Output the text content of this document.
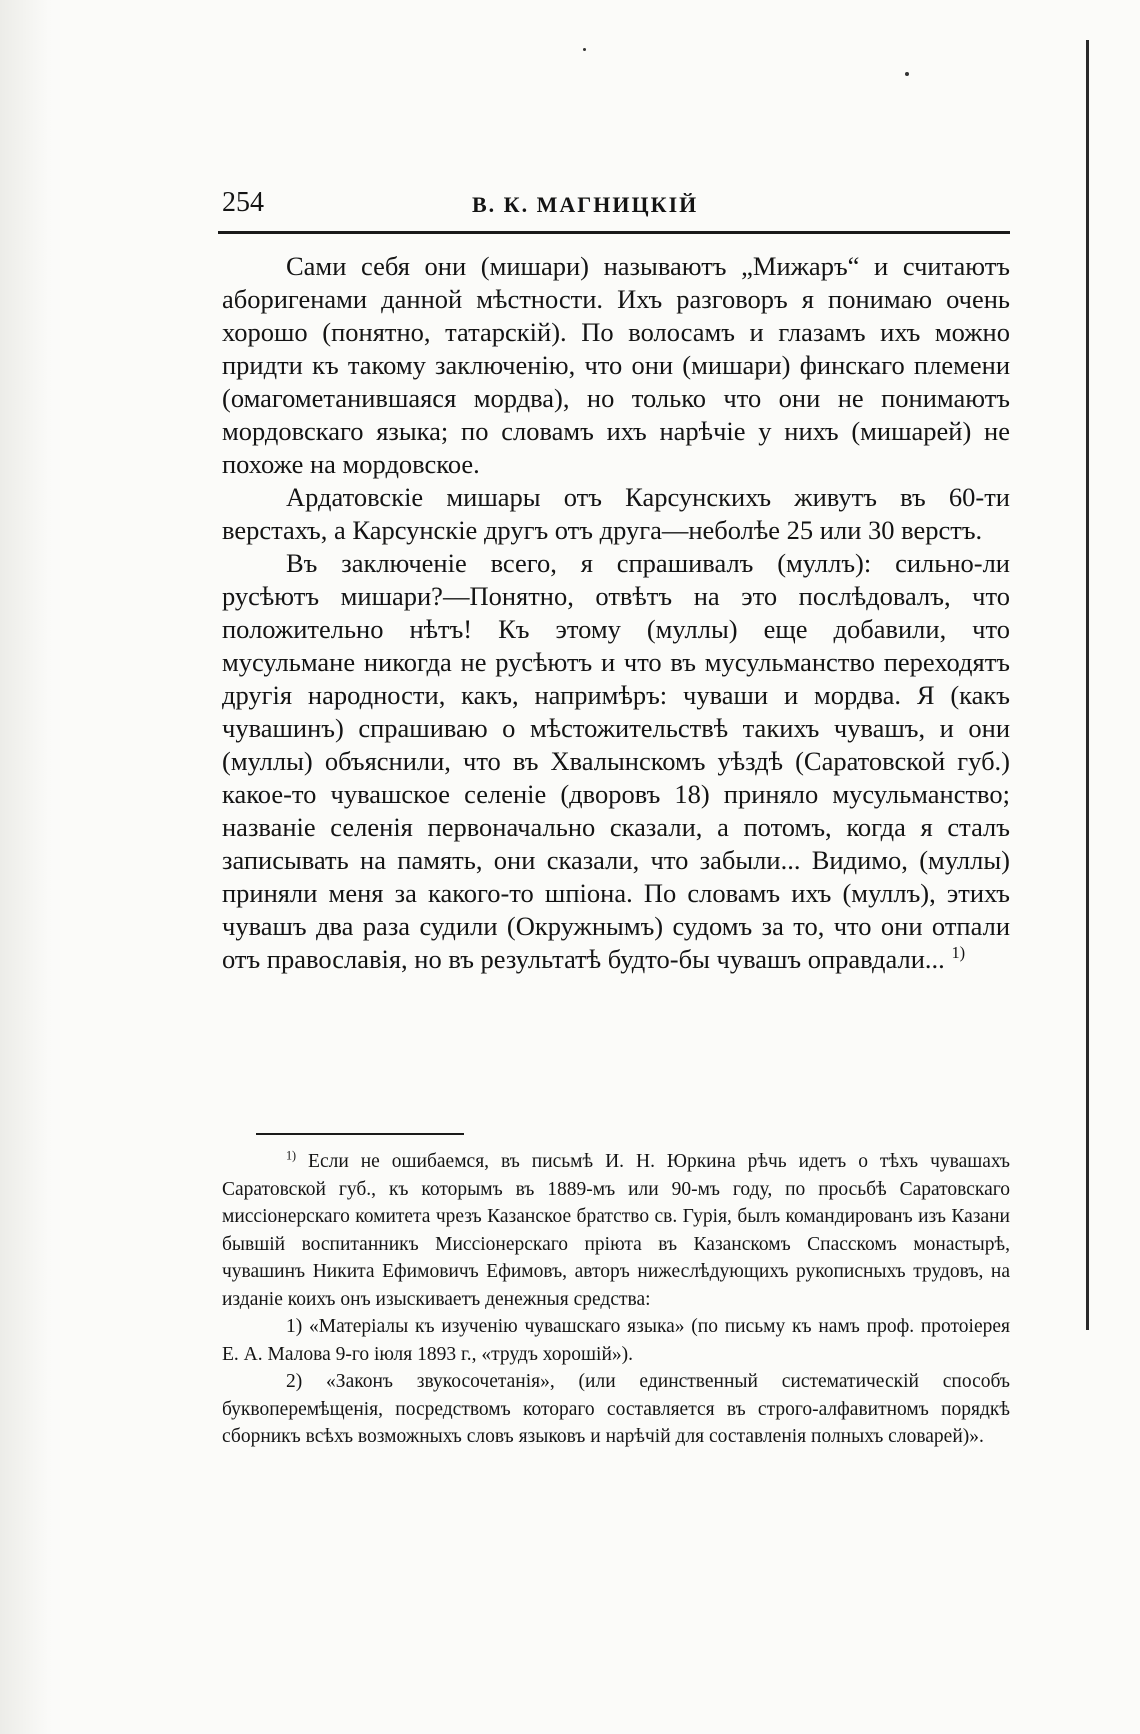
254	В. К. МАГНИЦКІЙ

Сами себя они (мишари) называютъ „Мижаръ“ и считаютъ аборигенами данной мѣстности. Ихъ разговоръ я понимаю очень хорошо (понятно, татарскій). По волосамъ и глазамъ ихъ можно придти къ такому заключенію, что они (мишари) финскаго племени (омагометанившаяся мордва), но только что они не понимаютъ мордовскаго языка; по словамъ ихъ нарѣчіе у нихъ (мишарей) не похоже на мордовское.

Ардатовскіе мишары отъ Карсунскихъ живутъ въ 60-ти верстахъ, а Карсунскіе другъ отъ друга—неболѣе 25 или 30 верстъ.

Въ заключеніе всего, я спрашивалъ (муллъ): сильно-ли русѣютъ мишари?—Понятно, отвѣтъ на это послѣдовалъ, что положительно нѣтъ! Къ этому (муллы) еще добавили, что мусульмане никогда не русѣютъ и что въ мусульманство переходятъ другія народности, какъ, напримѣръ: чуваши и мордва. Я (какъ чувашинъ) спрашиваю о мѣстожительствѣ такихъ чувашъ, и они (муллы) объяснили, что въ Хвалынскомъ уѣздѣ (Саратовской губ.) какое-то чувашское селеніе (дворовъ 18) приняло мусульманство; названіе селенія первоначально сказали, а потомъ, когда я сталъ записывать на память, они сказали, что забыли... Видимо, (муллы) приняли меня за какого-то шпіона. По словамъ ихъ (муллъ), этихъ чувашъ два раза судили (Окружнымъ) судомъ за то, что они отпали отъ православія, но въ результатѣ будто-бы чувашъ оправдали... $^{1)}$

$^{1)}$ Если не ошибаемся, въ письмѣ И. Н. Юркина рѣчь идетъ о тѣхъ чувашахъ Саратовской губ., къ которымъ въ 1889-мъ или 90-мъ году, по просьбѣ Саратовскаго миссіонерскаго комитета чрезъ Казанское братство св. Гурія, былъ командированъ изъ Казани бывшій воспитанникъ Миссіонерскаго пріюта въ Казанскомъ Спасскомъ монастырѣ, чувашинъ Никита Ефимовичъ Ефимовъ, авторъ нижеслѣдующихъ рукописныхъ трудовъ, на изданіе коихъ онъ изыскиваетъ денежныя средства:

1) «Матеріалы къ изученію чувашскаго языка» (по письму къ намъ проф. протоіерея Е. А. Малова 9-го іюля 1893 г., «трудъ хорошій»).

2) «Законъ звукосочетанія», (или единственный систематическій способъ буквоперемѣщенія, посредствомъ котораго составляется въ строго-алфавитномъ порядкѣ сборникъ всѣхъ возможныхъ словъ языковъ и нарѣчій для составленія полныхъ словарей)».
